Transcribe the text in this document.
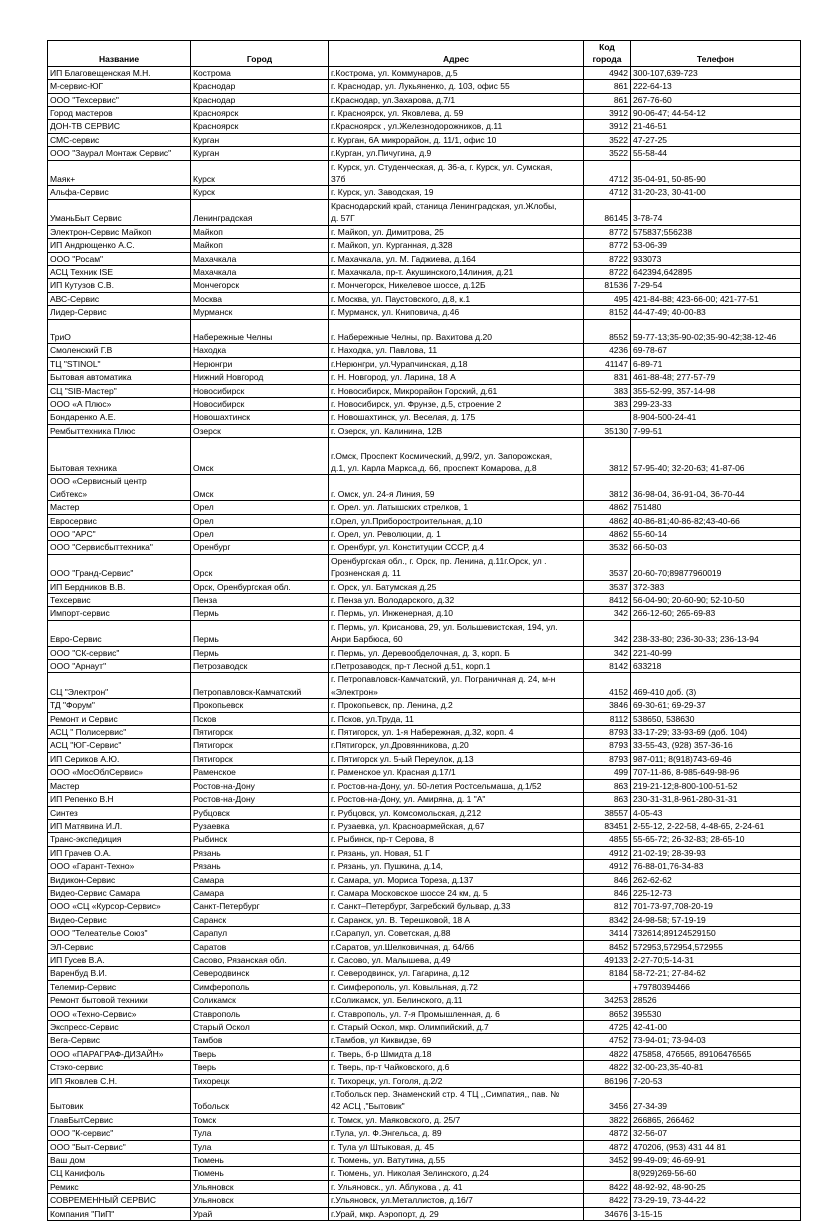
Название	Город	Адрес	Код
города	Телефон
ИП Благовещенская М.Н.	Кострома	г.Кострома, ул. Коммунаров, д.5	4942	300-107,639-723
М-сервис-ЮГ	Краснодар	г. Краснодар, ул. Лукьяненко, д. 103, офис 55	861	222-64-13
ООО "Техсервис"	Краснодар	г.Краснодар, ул.Захарова, д.7/1	861	267-76-60
Город мастеров	Красноярск	г. Красноярск, ул. Яковлева, д. 59	3912	90-06-47; 44-54-12
ДОН-ТВ СЕРВИС	Красноярск	г.Красноярск , ул.Железнодорожников, д.11	3912	21-46-51
СМС-сервис	Курган	г. Курган, 6А микрорайон, д. 11/1, офис 10	3522	47-27-25
ООО "Заурал Монтаж Сервис"	Курган	г.Курган, ул.Пичугина, д.9	3522	55-58-44
Маяк+	Курск	г. Курск, ул. Студенческая, д. 36-а, г. Курск, ул. Сумская,
37б	4712	35-04-91, 50-85-90
Альфа-Сервис	Курск	г. Курск, ул. Заводская, 19	4712	31-20-23, 30-41-00
УманьБыт Сервис	Ленинградская	Краснодарский край, станица Ленинградская, ул.Жлобы,
д. 57Г	86145	3-78-74
Электрон-Сервис Майкоп	Майкоп	г. Майкоп, ул. Димитрова, 25	8772	575837;556238
ИП Андрющенко А.С.	Майкоп	г. Майкоп, ул. Курганная, д.328	8772	53-06-39
ООО "Росам"	Махачкала	г. Махачкала, ул. М. Гаджиева, д.164	8722	933073
АСЦ Техник ISE	Махачкала	г. Махачкала, пр-т. Акушинского,14линия, д.21	8722	642394,642895
ИП Кутузов С.В.	Мончегорск	г. Мончегорск, Никелевое шоссе, д.12Б	81536	7-29-54
АВС-Сервис	Москва	г. Москва, ул. Паустовского, д.8, к.1	495	421-84-88; 423-66-00; 421-77-51
Лидер-Сервис	Мурманск	г. Мурманск, ул. Книповича, д.46	8152	44-47-49; 40-00-83
ТриО	Набережные Челны	г. Набережные Челны, пр. Вахитова д.20	8552	59-77-13;35-90-02;35-90-42;38-12-46
Смоленский Г.В	Находка	г. Находка, ул. Павлова, 11	4236	69-78-67
ТЦ "STINOL"	Нерюнгри	г.Нерюнгри, ул.Чурапчинская, д.18	41147	6-89-71
Бытовая автоматика	Нижний Новгород	г. Н. Новгород, ул. Ларина, 18 А	831	461-88-48; 277-57-79
СЦ "SIB-Мастер"	Новосибирск	г. Новосибирск, Микрорайон Горский, д.61	383	355-52-99, 357-14-98
ООО «А Плюс»	Новосибирск	г. Новосибирск, ул. Фрунзе, д.5, строение 2	383	299-23-33
Бондаренко А.Е.	Новошахтинск	г. Новошахтинск, ул. Веселая, д. 175		8-904-500-24-41
Рембыттехника Плюс	Озерск	г. Озерск, ул. Калинина, 12В	35130	7-99-51
Бытовая техника	Омск	г.Омск, Проспект Космический, д.99/2, ул. Запорожская,
д.1, ул. Карла Маркса,д. 66, проспект Комарова, д.8	3812	57-95-40; 32-20-63; 41-87-06
ООО «Сервисный центр
Сибтекс»	Омск	г. Омск, ул. 24-я Линия, 59	3812	36-98-04, 36-91-04, 36-70-44
Мастер	Орел	г. Орел. ул. Латышских стрелков, 1	4862	751480
Евросервис	Орел	г.Орел, ул.Приборостроительная, д.10	4862	40-86-81;40-86-82;43-40-66
ООО "АРС"	Орел	г. Орел, ул. Революции, д. 1	4862	55-60-14
ООО "Сервисбыттехника"	Оренбург	г. Оренбург, ул. Конституции СССР, д.4	3532	66-50-03
ООО "Гранд-Сервис"	Орск	Оренбургская обл., г. Орск, пр. Ленина, д.11г.Орск, ул .
Грозненская д. 11	3537	20-60-70;89877960019
ИП Бердников В.В.	Орск, Оренбургская обл.	г. Орск, ул. Батумская д.25	3537	372-383
Техсервис	Пенза	г. Пенза ул. Володарского, д.32	8412	56-04-90; 20-60-90; 52-10-50
Импорт-сервис	Пермь	г. Пермь, ул. Инженерная, д.10	342	266-12-60; 265-69-83
Евро-Сервис	Пермь	г. Пермь, ул. Крисанова, 29, ул. Большевистская, 194, ул.
Анри Барбюса, 60	342	238-33-80; 236-30-33; 236-13-94
ООО "СК-сервис"	Пермь	г. Пермь, ул. Деревообделочная, д. 3, корп. Б	342	221-40-99
ООО "Арнаут"	Петрозаводск	г.Петрозаводск, пр-т Лесной д.51, корп.1	8142	633218
СЦ "Электрон"	Петропавловск-Камчатский	г. Петропавловск-Камчатский, ул. Пограничная д. 24, м-н
«Электрон»	4152	469-410 доб. (3)
ТД "Форум"	Прокопьевск	г. Прокопьевск, пр. Ленина, д.2	3846	69-30-61; 69-29-37
Ремонт и Сервис	Псков	г. Псков, ул.Труда, 11	8112	538650, 538630
АСЦ " Полисервис"	Пятигорск	г. Пятигорск, ул. 1-я Набережная, д.32, корп. 4	8793	33-17-29; 33-93-69 (доб. 104)
АСЦ "ЮГ-Сервис"	Пятигорск	г.Пятигорск, ул.Дровянникова, д.20	8793	33-55-43, (928) 357-36-16
ИП Сериков А.Ю.	Пятигорск	г. Пятигорск ул. 5-ый Переулок, д.13	8793	987-011; 8(918)743-69-46
ООО «МосОблСервис»	Раменское	г. Раменское ул. Красная д.17/1	499	707-11-86, 8-985-649-98-96
Мастер	Ростов-на-Дону	г. Ростов-на-Дону, ул. 50-летия Ростсельмаша, д.1/52	863	219-21-12;8-800-100-51-52
ИП Репенко В.Н	Ростов-на-Дону	г. Ростов-на-Дону, ул. Амиряна, д. 1 "А"	863	230-31-31,8-961-280-31-31
Синтез	Рубцовск	г. Рубцовск, ул. Комсомольская, д.212	38557	4-05-43
ИП Матявина И.Л.	Рузаевка	г. Рузаевка, ул. Красноармейская, д.67	83451	2-55-12, 2-22-58, 4-48-65, 2-24-61
Транс-экспедиция	Рыбинск	г. Рыбинск, пр-т Серова, 8	4855	55-65-72; 26-32-83; 28-65-10
ИП Грачев О.А.	Рязань	г. Рязань, ул. Новая, 51 Г	4912	21-02-19; 28-39-93
ООО «Гарант-Техно»	Рязань	г. Рязань, ул. Пушкина, д.14,	4912	76-88-01,76-34-83
Видикон-Сервис	Самара	г. Самара, ул. Мориса Тореза, д.137	846	262-62-62
Видео-Сервис Самара	Самара	г. Самара Московское шоссе 24 км, д. 5	846	225-12-73
ООО «СЦ «Курсор-Сервис»	Санкт-Петербург	г. Санкт–Петербург, Загребский бульвар, д.33	812	701-73-97,708-20-19
Видео-Сервис	Саранск	г. Саранск, ул. В. Терешковой, 18 А	8342	24-98-58; 57-19-19
ООО "Телеателье Союз"	Сарапул	г.Сарапул, ул. Советская, д.88	3414	732614;89124529150
ЭЛ-Сервис	Саратов	г.Саратов, ул.Шелковичная, д. 64/66	8452	572953,572954,572955
ИП Гусев В.А.	Сасово, Рязанская обл.	г. Сасово, ул. Малышева, д.49	49133	2-27-70;5-14-31
Варенбуд В.И.	Северодвинск	г. Северодвинск, ул. Гагарина, д.12	8184	58-72-21; 27-84-62
Телемир-Сервис	Симферополь	г. Симферополь, ул. Ковыльная, д.72		+79780394466
Ремонт бытовой техники	Соликамск	г.Соликамск, ул. Белинского, д.11	34253	28526
ООО «Техно-Сервис»	Ставрополь	г. Ставрополь, ул. 7-я Промышленная, д. 6	8652	395530
Экспресс-Сервис	Старый Оскол	г. Старый Оскол, мкр. Олимпийский, д.7	4725	42-41-00
Вега-Сервис	Тамбов	г.Тамбов, ул Киквидзе, 69	4752	73-94-01; 73-94-03
ООО «ПАРАГРАФ-ДИЗАЙН»	Тверь	г. Тверь, б-р Шмидта д.18	4822	475858, 476565, 89106476565
Стэко-сервис	Тверь	г. Тверь, пр-т Чайковского, д.6	4822	32-00-23,35-40-81
ИП Яковлев С.Н.	Тихорецк	г. Тихорецк, ул. Гоголя, д.2/2	86196	7-20-53
Бытовик	Тобольск	г.Тобольск пер. Знаменский стр. 4 ТЦ ,,Симпатия,, пав. №
42 АСЦ ,"Бытовик"	3456	27-34-39
ГлавБытСервис	Томск	г. Томск, ул. Маяковского, д. 25/7	3822	266865, 266462
ООО "К-сервис"	Тула	г.Тула, ул. Ф.Энгельса, д. 89	4872	32-56-07
ООО "Быт-Сервис"	Тула	г. Тула ул Штыковая, д. 45	4872	470206, (953) 431 44 81
Ваш дом	Тюмень	г. Тюмень, ул. Ватутина, д.55	3452	99-49-09; 46-69-91
СЦ Канифоль	Тюмень	г. Тюмень, ул. Николая Зелинского, д.24		8(929)269-56-60
Ремикс	Ульяновск	г. Ульяновск., ул. Аблукова , д. 41	8422	48-92-92, 48-90-25
СОВРЕМЕННЫЙ СЕРВИС	Ульяновск	г.Ульяновск, ул.Металлистов, д.16/7	8422	73-29-19, 73-44-22
Компания "ПиП"	Урай	г.Урай, мкр. Аэропорт, д. 29	34676	3-15-15
